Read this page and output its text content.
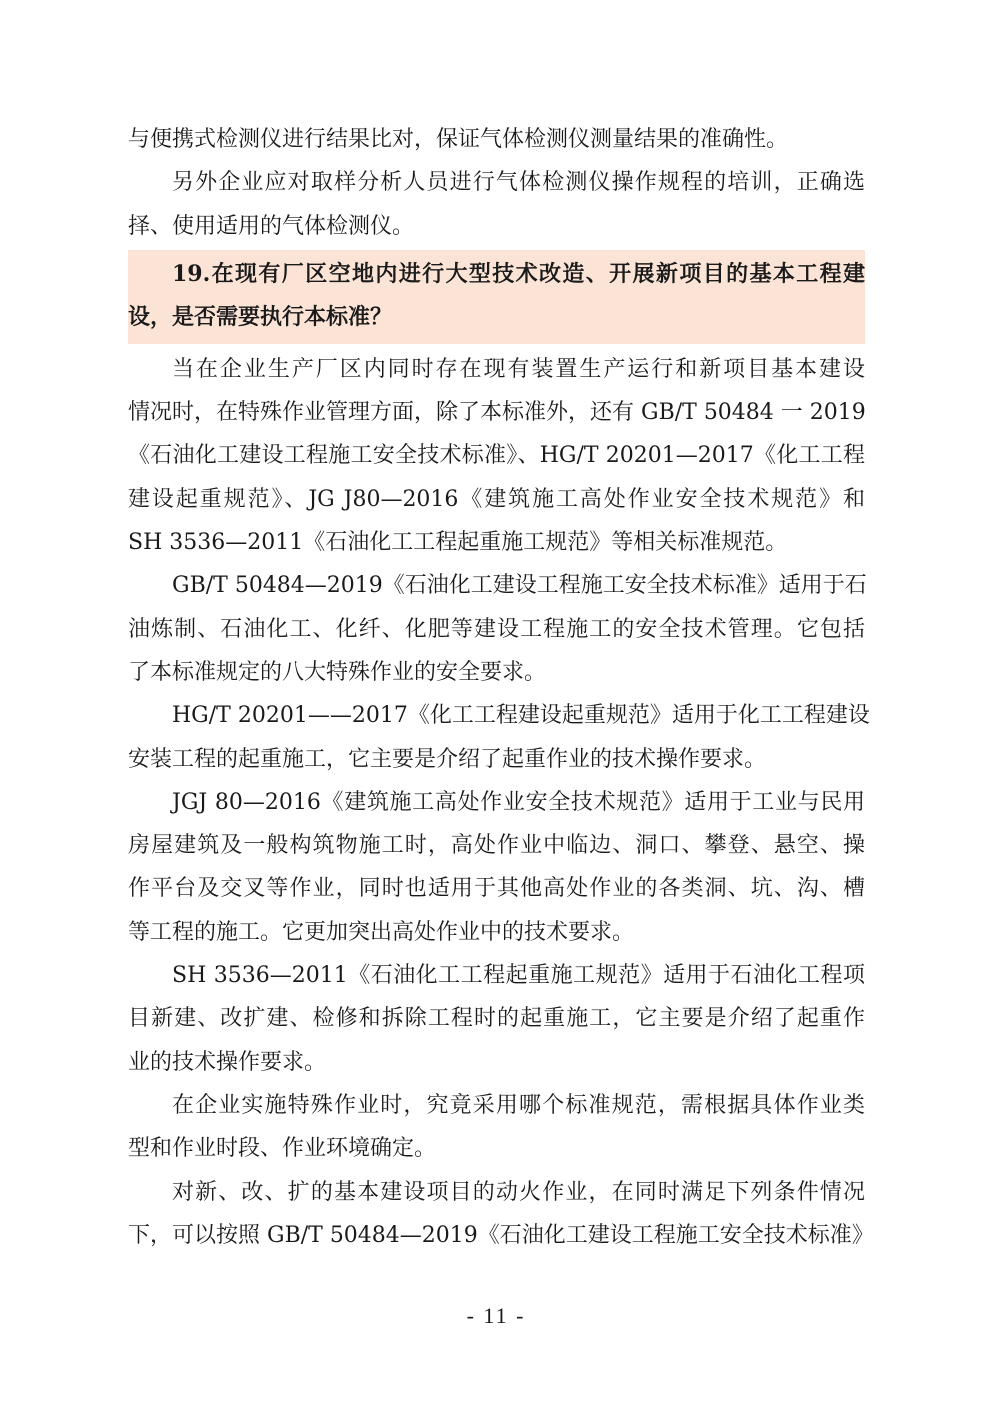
与便携式检测仪进行结果比对，保证气体检测仪测量结果的准确性。
另外企业应对取样分析人员进行气体检测仪操作规程的培训，正确选
择、使用适用的气体检测仪。
19.在现有厂区空地内进行大型技术改造、开展新项目的基本工程建
设，是否需要执行本标准？
当在企业生产厂区内同时存在现有装置生产运行和新项目基本建设
情况时，在特殊作业管理方面，除了本标准外，还有 GB/T 50484 一 2019
《石油化工建设工程施工安全技术标准》、HG/T 20201—2017《化工工程
建设起重规范》、JG J80—2016《建筑施工高处作业安全技术规范》和
SH 3536—2011《石油化工工程起重施工规范》等相关标准规范。
GB/T 50484—2019《石油化工建设工程施工安全技术标准》适用于石
油炼制、石油化工、化纤、化肥等建设工程施工的安全技术管理。它包括
了本标准规定的八大特殊作业的安全要求。
HG/T 20201——2017《化工工程建设起重规范》适用于化工工程建设
安装工程的起重施工，它主要是介绍了起重作业的技术操作要求。
JGJ 80—2016《建筑施工高处作业安全技术规范》适用于工业与民用
房屋建筑及一般构筑物施工时，高处作业中临边、洞口、攀登、悬空、操
作平台及交叉等作业，同时也适用于其他高处作业的各类洞、坑、沟、槽
等工程的施工。它更加突出高处作业中的技术要求。
SH 3536—2011《石油化工工程起重施工规范》适用于石油化工程项
目新建、改扩建、检修和拆除工程时的起重施工，它主要是介绍了起重作
业的技术操作要求。
在企业实施特殊作业时，究竟采用哪个标准规范，需根据具体作业类
型和作业时段、作业环境确定。
对新、改、扩的基本建设项目的动火作业，在同时满足下列条件情况
下，可以按照 GB/T 50484—2019《石油化工建设工程施工安全技术标准》
- 11 -
